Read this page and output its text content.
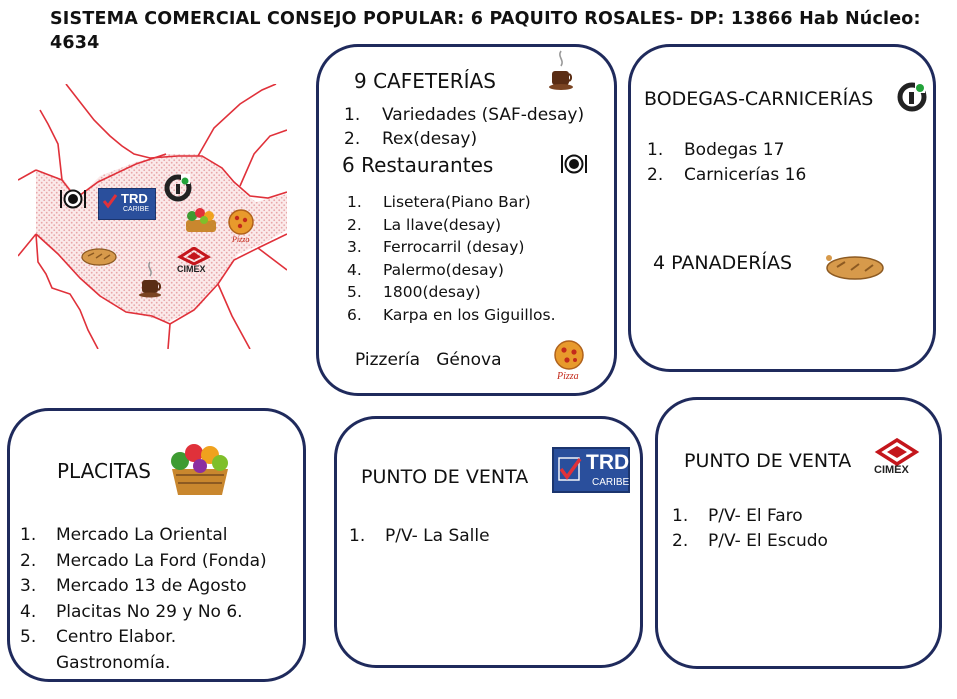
SISTEMA COMERCIAL CONSEJO POPULAR: 6 PAQUITO ROSALES- DP: 13866 Hab Núcleo: 4634
TRD
CARIBE
Pizza
CIMEX
9 CAFETERÍAS
1.	Variedades (SAF-desay)
2.	Rex(desay)
6 Restaurantes
1.	Lisetera(Piano Bar)
2.	La llave(desay)
3.	Ferrocarril (desay)
4.	Palermo(desay)
5.	1800(desay)
6.	Karpa en los Giguillos.
Pizzería   Génova
Pizza
BODEGAS-CARNICERÍAS
1.	Bodegas 17
2.	Carnicerías 16
4 PANADERÍAS
PLACITAS
1.	Mercado La Oriental
2.	Mercado La Ford (Fonda)
3.	Mercado 13 de Agosto
4.	Placitas No 29 y No 6.
5.	Centro Elabor.
Gastronomía.
PUNTO DE VENTA
TRD
CARIBE
1.	P/V- La Salle
PUNTO DE VENTA CIMEX
1.	P/V- El Faro
2.	P/V- El Escudo
